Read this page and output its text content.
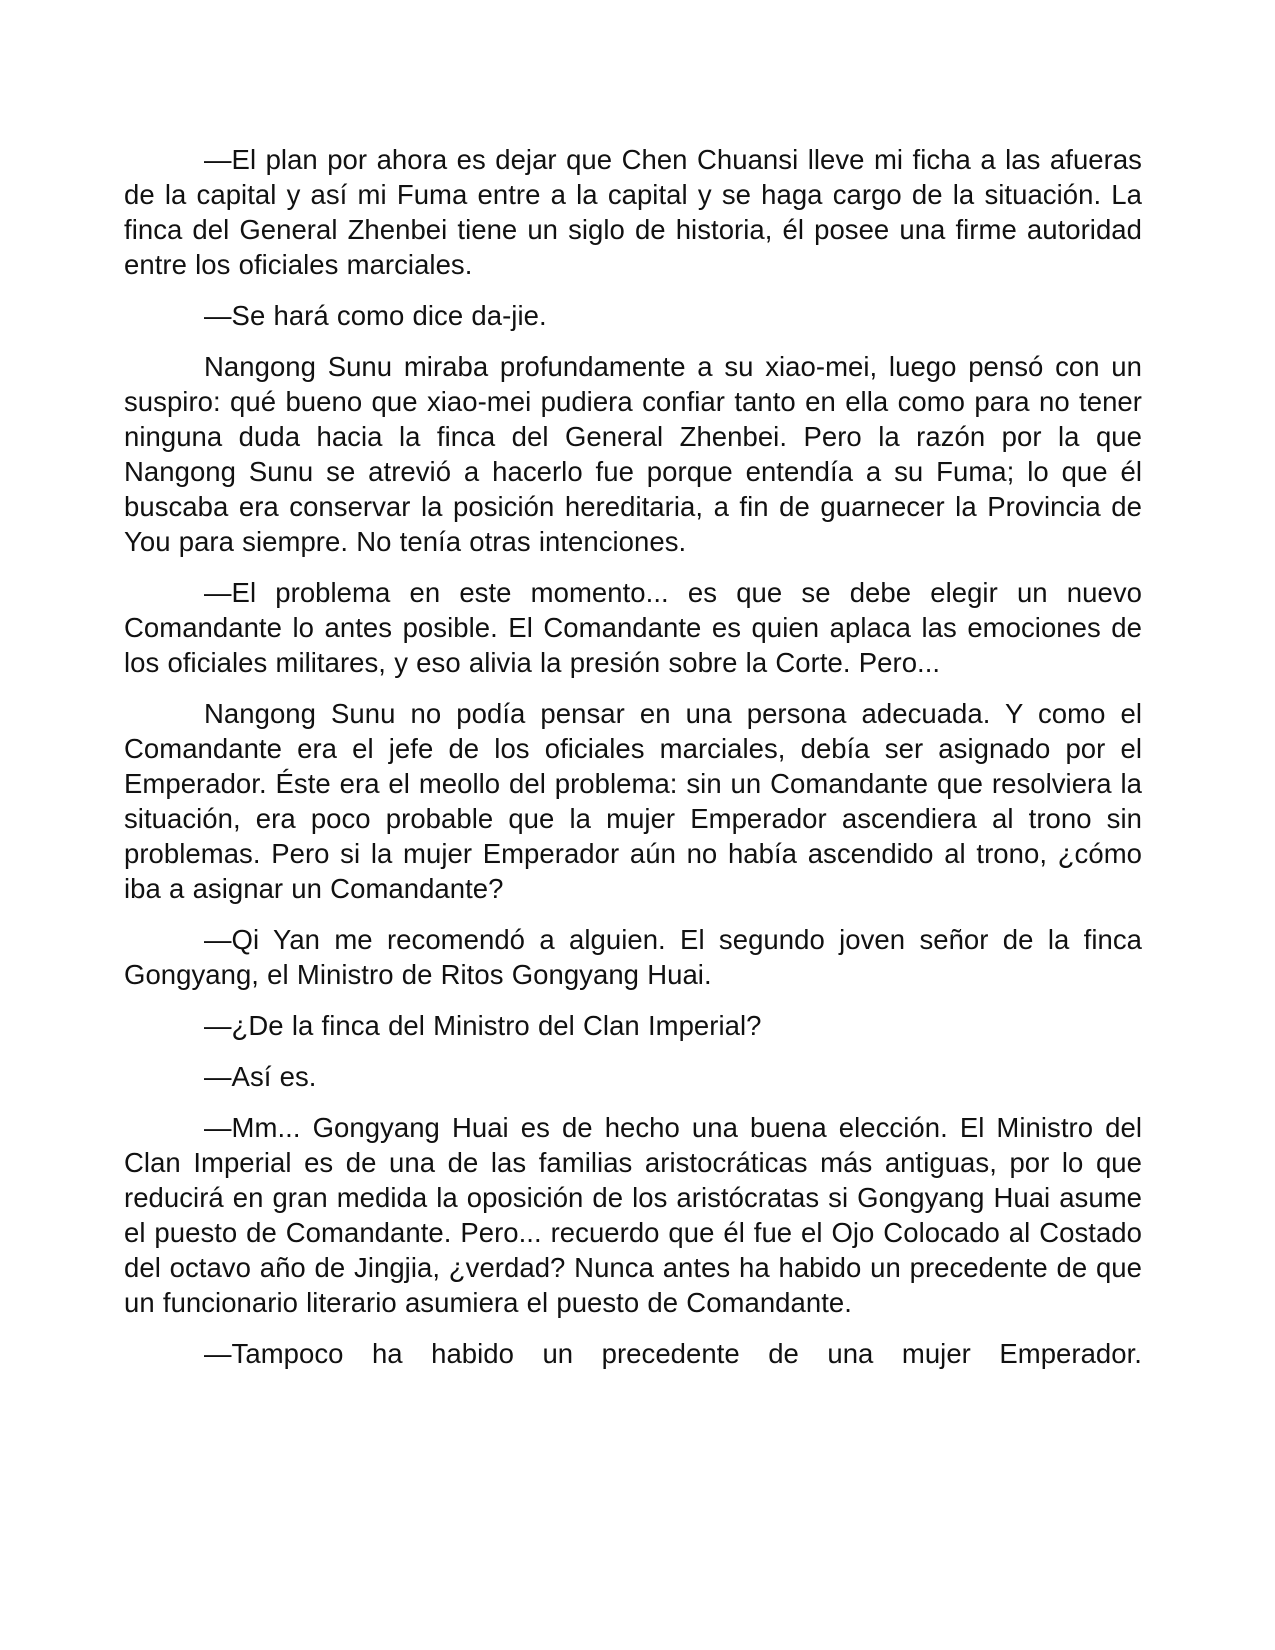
—El plan por ahora es dejar que Chen Chuansi lleve mi ficha a las afueras de la capital y así mi Fuma entre a la capital y se haga cargo de la situación. La finca del General Zhenbei tiene un siglo de historia, él posee una firme autoridad entre los oficiales marciales.

—Se hará como dice da-jie.

Nangong Sunu miraba profundamente a su xiao-mei, luego pensó con un suspiro: qué bueno que xiao-mei pudiera confiar tanto en ella como para no tener ninguna duda hacia la finca del General Zhenbei. Pero la razón por la que Nangong Sunu se atrevió a hacerlo fue porque entendía a su Fuma; lo que él buscaba era conservar la posición hereditaria, a fin de guarnecer la Provincia de You para siempre. No tenía otras intenciones.

—El problema en este momento... es que se debe elegir un nuevo Comandante lo antes posible. El Comandante es quien aplaca las emociones de los oficiales militares, y eso alivia la presión sobre la Corte. Pero...

Nangong Sunu no podía pensar en una persona adecuada. Y como el Comandante era el jefe de los oficiales marciales, debía ser asignado por el Emperador. Éste era el meollo del problema: sin un Comandante que resolviera la situación, era poco probable que la mujer Emperador ascendiera al trono sin problemas. Pero si la mujer Emperador aún no había ascendido al trono, ¿cómo iba a asignar un Comandante?

—Qi Yan me recomendó a alguien. El segundo joven señor de la finca Gongyang, el Ministro de Ritos Gongyang Huai.

—¿De la finca del Ministro del Clan Imperial?

—Así es.

—Mm... Gongyang Huai es de hecho una buena elección. El Ministro del Clan Imperial es de una de las familias aristocráticas más antiguas, por lo que reducirá en gran medida la oposición de los aristócratas si Gongyang Huai asume el puesto de Comandante. Pero... recuerdo que él fue el Ojo Colocado al Costado del octavo año de Jingjia, ¿verdad? Nunca antes ha habido un precedente de que un funcionario literario asumiera el puesto de Comandante.

—Tampoco ha habido un precedente de una mujer Emperador.
